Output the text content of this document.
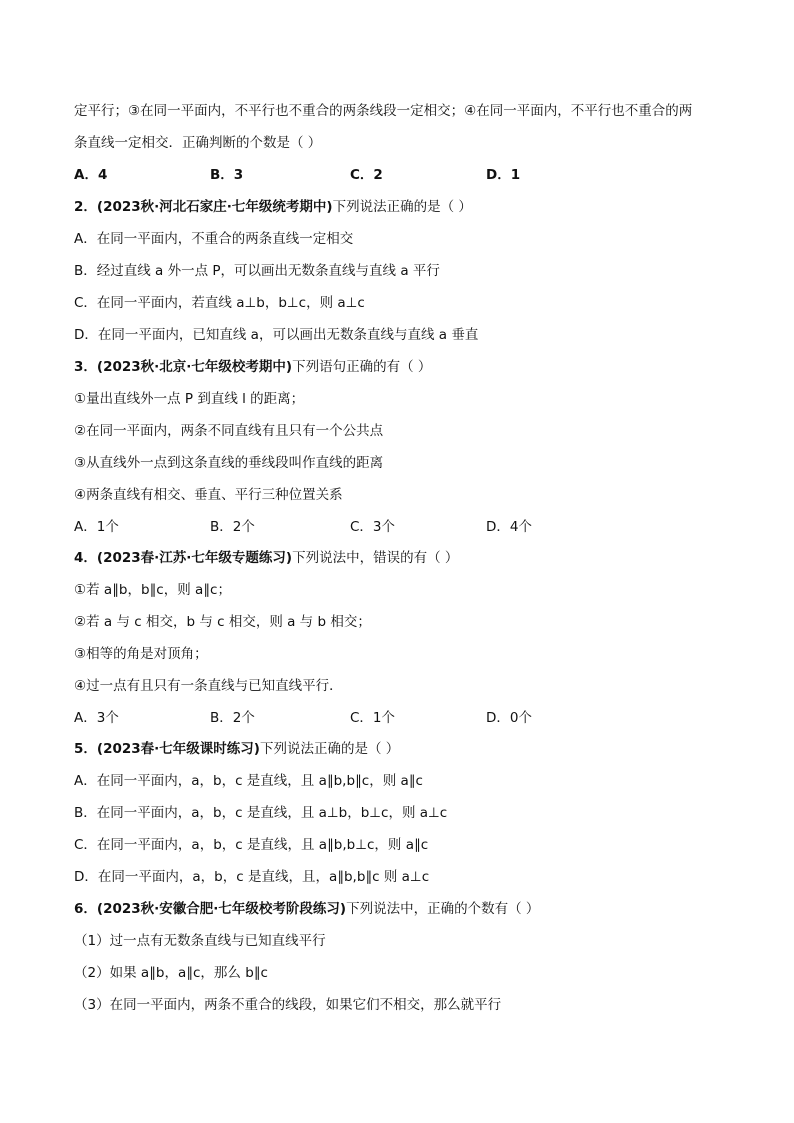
定平行；③在同一平面内，不平行也不重合的两条线段一定相交；④在同一平面内，不平行也不重合的两
条直线一定相交．正确判断的个数是（ ）
A．4	B．3	C．2	D．1
2．(2023秋·河北石家庄·七年级统考期中)下列说法正确的是（ ）
A．在同一平面内，不重合的两条直线一定相交
B．经过直线 a 外一点 P，可以画出无数条直线与直线 a 平行
C．在同一平面内，若直线 a⊥b，b⊥c，则 a⊥c
D．在同一平面内，已知直线 a，可以画出无数条直线与直线 a 垂直
3．(2023秋·北京·七年级校考期中)下列语句正确的有（ ）
①量出直线外一点 P 到直线 l 的距离；
②在同一平面内，两条不同直线有且只有一个公共点
③从直线外一点到这条直线的垂线段叫作直线的距离
④两条直线有相交、垂直、平行三种位置关系
A．1个	B．2个	C．3个	D．4个
4．(2023春·江苏·七年级专题练习)下列说法中，错误的有（ ）
①若 a∥b，b∥c，则 a∥c；
②若 a 与 c 相交，b 与 c 相交，则 a 与 b 相交；
③相等的角是对顶角；
④过一点有且只有一条直线与已知直线平行．
A．3个	B．2个	C．1个	D．0个
5．(2023春·七年级课时练习)下列说法正确的是（ ）
A．在同一平面内，a，b，c 是直线，且 a∥b,b∥c，则 a∥c
B．在同一平面内，a，b，c 是直线，且 a⊥b，b⊥c，则 a⊥c
C．在同一平面内，a，b，c 是直线，且 a∥b,b⊥c，则 a∥c
D．在同一平面内，a，b，c 是直线，且，a∥b,b∥c 则 a⊥c
6．(2023秋·安徽合肥·七年级校考阶段练习)下列说法中，正确的个数有（ ）
（1）过一点有无数条直线与已知直线平行
（2）如果 a∥b，a∥c，那么 b∥c
（3）在同一平面内，两条不重合的线段，如果它们不相交，那么就平行
